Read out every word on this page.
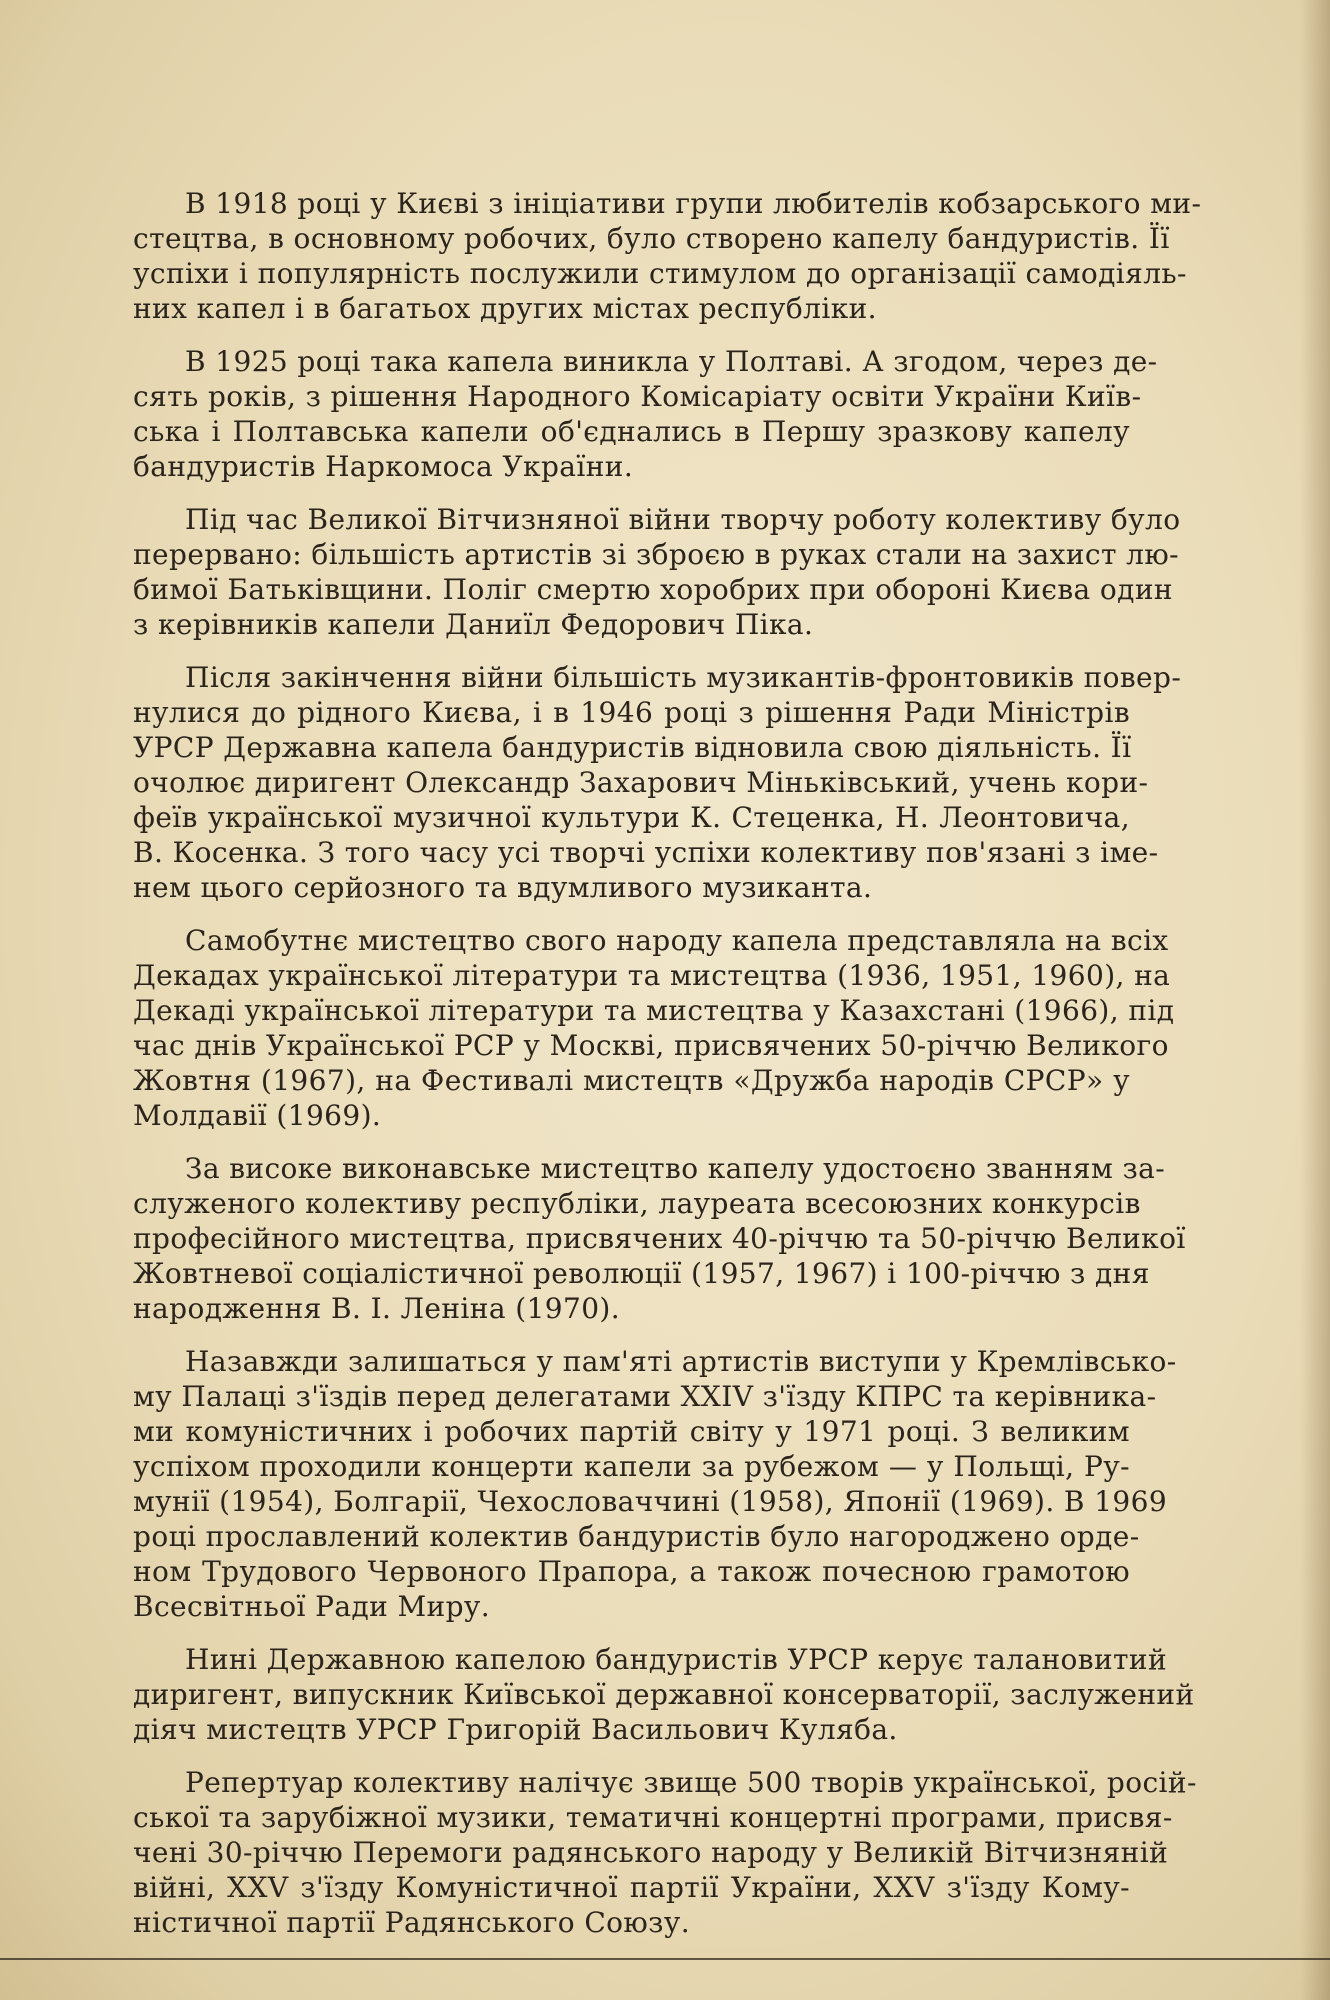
В 1918 році у Києві з ініціативи групи любителів кобзарського ми-
стецтва, в основному робочих, було створено капелу бандуристів. Її
успіхи і популярність послужили стимулом до організації самодіяль-
них капел і в багатьох других містах республіки.

В 1925 році така капела виникла у Полтаві. А згодом, через де-
сять років, з рішення Народного Комісаріату освіти України Київ-
ська і Полтавська капели об'єднались в Першу зразкову капелу
бандуристів Наркомоса України.

Під час Великої Вітчизняної війни творчу роботу колективу було
перервано: більшість артистів зі зброєю в руках стали на захист лю-
бимої Батьківщини. Поліг смертю хоробрих при обороні Києва один
з керівників капели Даниїл Федорович Піка.

Після закінчення війни більшість музикантів-фронтовиків повер-
нулися до рідного Києва, і в 1946 році з рішення Ради Міністрів
УРСР Державна капела бандуристів відновила свою діяльність. Її
очолює диригент Олександр Захарович Міньківський, учень кори-
феїв української музичної культури К. Стеценка, Н. Леонтовича,
В. Косенка. З того часу усі творчі успіхи колективу пов'язані з іме-
нем цього серйозного та вдумливого музиканта.

Самобутнє мистецтво свого народу капела представляла на всіх
Декадах української літератури та мистецтва (1936, 1951, 1960), на
Декаді української літератури та мистецтва у Казахстані (1966), під
час днів Української РСР у Москві, присвячених 50-річчю Великого
Жовтня (1967), на Фестивалі мистецтв «Дружба народів СРСР» у
Молдавії (1969).

За високе виконавське мистецтво капелу удостоєно званням за-
служеного колективу республіки, лауреата всесоюзних конкурсів
професійного мистецтва, присвячених 40-річчю та 50-річчю Великої
Жовтневої соціалістичної революції (1957, 1967) і 100-річчю з дня
народження В. І. Леніна (1970).

Назавжди залишаться у пам'яті артистів виступи у Кремлівсько-
му Палаці з'їздів перед делегатами XXIV з'їзду КПРС та керівника-
ми комуністичних і робочих партій світу у 1971 році. З великим
успіхом проходили концерти капели за рубежом — у Польщі, Ру-
мунії (1954), Болгарії, Чехословаччині (1958), Японії (1969). В 1969
році прославлений колектив бандуристів було нагороджено орде-
ном Трудового Червоного Прапора, а також почесною грамотою
Всесвітньої Ради Миру.

Нині Державною капелою бандуристів УРСР керує талановитий
диригент, випускник Київської державної консерваторії, заслужений
діяч мистецтв УРСР Григорій Васильович Куляба.

Репертуар колективу налічує звище 500 творів української, росій-
ської та зарубіжної музики, тематичні концертні програми, присвя-
чені 30-річчю Перемоги радянського народу у Великій Вітчизняній
війні, XXV з'їзду Комуністичної партії України, XXV з'їзду Кому-
ністичної партії Радянського Союзу.
